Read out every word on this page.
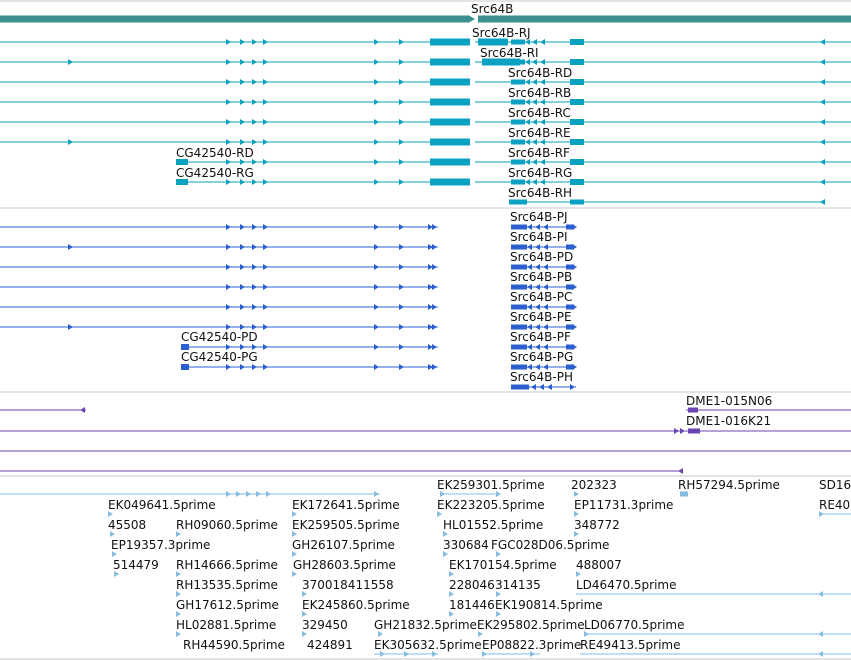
Src64B
Src64B-RJ
Src64B-RI
Src64B-RD
Src64B-RB
Src64B-RC
Src64B-RE
Src64B-RF
Src64B-RG
Src64B-RH
CG42540-RD
CG42540-RG
Src64B-PJ
Src64B-PI
Src64B-PD
Src64B-PB
Src64B-PC
Src64B-PE
Src64B-PF
Src64B-PG
Src64B-PH
CG42540-PD
CG42540-PG
DME1-015N06
DME1-016K21
EK259301.5prime 202323	RH57294.5prime	SD16
EK049641.5prime	EK172641.5prime	EK223205.5prime EP11731.3prime	RE40
45508 RH09060.5prime EK259505.5prime	HL01552.5prime	348772
EP19357.3prime	GH26107.5prime	330684 FGC028D06.5prime
514479 RH14666.5prime GH28603.5prime	EK170154.5prime 488007
RH13535.5prime 370018411558	228046 314135	LD46470.5prime
GH17612.5prime EK245860.5prime	181446 EK190814.5prime
HL02881.5prime 329450 GH21832.5prime EK295802.5prime LD06770.5prime
RH44590.5prime 424891 EK305632.5prime EP08822.3prime
RE49413.5prime
